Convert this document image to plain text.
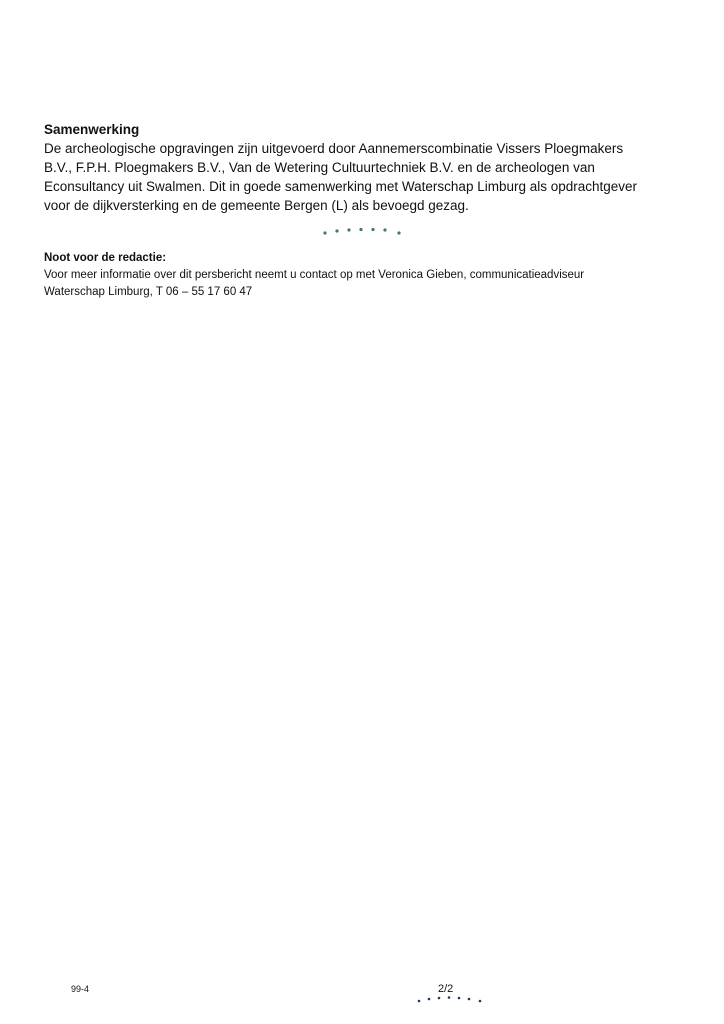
Samenwerking

De archeologische opgravingen zijn uitgevoerd door Aannemerscombinatie Vissers Ploegmakers
B.V., F.P.H. Ploegmakers B.V., Van de Wetering Cultuurtechniek B.V. en de archeologen van
Econsultancy uit Swalmen. Dit in goede samenwerking met Waterschap Limburg als opdrachtgever
voor de dijkversterking en de gemeente Bergen (L) als bevoegd gezag.

Noot voor de redactie:

Voor meer informatie over dit persbericht neemt u contact op met Veronica Gieben, communicatieadviseur
Waterschap Limburg, T 06 – 55 17 60 47

99-4	2/2
